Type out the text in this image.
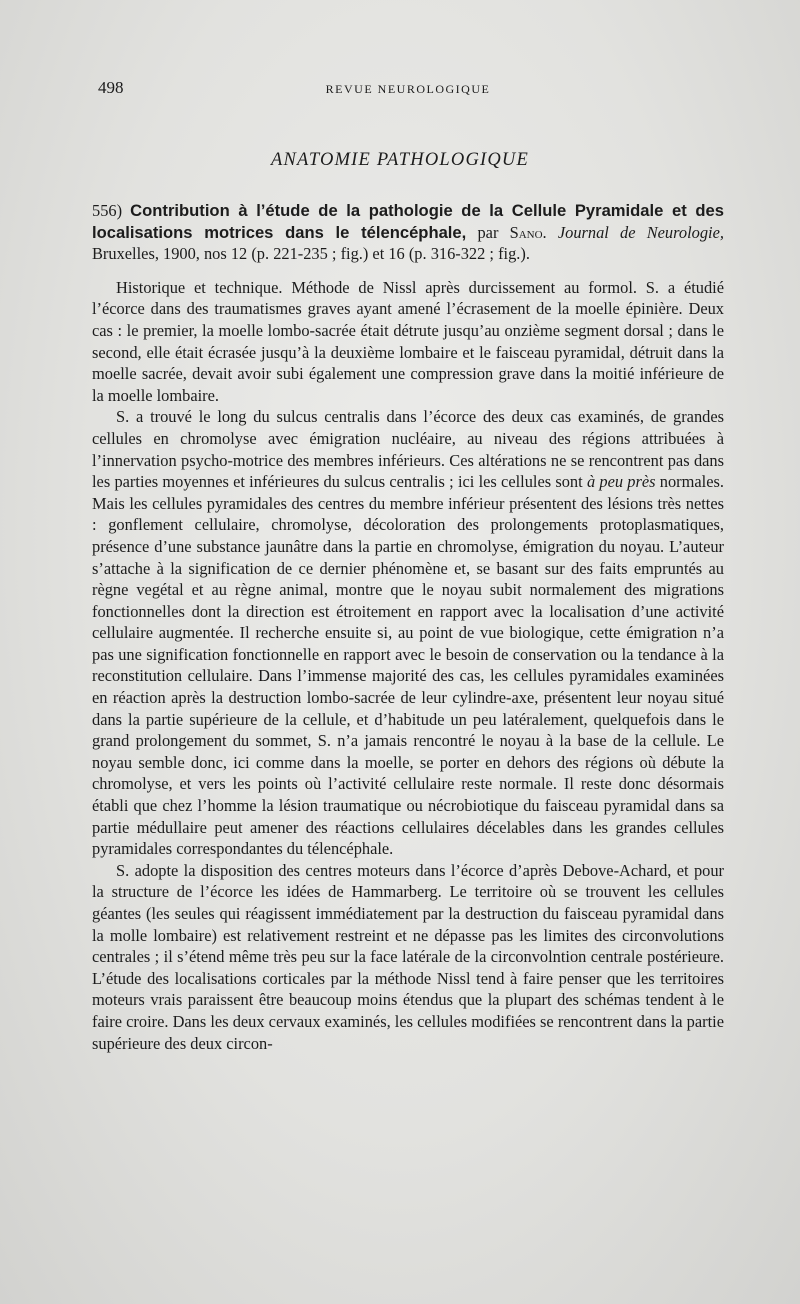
498	REVUE NEUROLOGIQUE
ANATOMIE PATHOLOGIQUE

556) Contribution à l’étude de la pathologie de la Cellule Pyramidale et des localisations motrices dans le télencéphale, par Sano. Journal de Neurologie, Bruxelles, 1900, nos 12 (p. 221-235 ; fig.) et 16 (p. 316-322 ; fig.).

Historique et technique. Méthode de Nissl après durcissement au formol. S. a étudié l’écorce dans des traumatismes graves ayant amené l’écrasement de la moelle épinière. Deux cas : le premier, la moelle lombo-sacrée était détrute jusqu’au onzième segment dorsal ; dans le second, elle était écrasée jusqu’à la deuxième lombaire et le faisceau pyramidal, détruit dans la moelle sacrée, devait avoir subi également une compression grave dans la moitié inférieure de la moelle lombaire.

S. a trouvé le long du sulcus centralis dans l’écorce des deux cas examinés, de grandes cellules en chromolyse avec émigration nucléaire, au niveau des régions attribuées à l’innervation psycho-motrice des membres inférieurs. Ces altérations ne se rencontrent pas dans les parties moyennes et inférieures du sulcus centralis ; ici les cellules sont à peu près normales. Mais les cellules pyramidales des centres du membre inférieur présentent des lésions très nettes : gonflement cellulaire, chromolyse, décoloration des prolongements protoplasmatiques, présence d’une substance jaunâtre dans la partie en chromolyse, émigration du noyau. L’auteur s’attache à la signification de ce dernier phénomène et, se basant sur des faits empruntés au règne vegétal et au règne animal, montre que le noyau subit normalement des migrations fonctionnelles dont la direction est étroitement en rapport avec la localisation d’une activité cellulaire augmentée. Il recherche ensuite si, au point de vue biologique, cette émigration n’a pas une signification fonctionnelle en rapport avec le besoin de conservation ou la tendance à la reconstitution cellulaire. Dans l’immense majorité des cas, les cellules pyramidales examinées en réaction après la destruction lombo-sacrée de leur cylindre-axe, présentent leur noyau situé dans la partie supérieure de la cellule, et d’habitude un peu latéralement, quelquefois dans le grand prolongement du sommet, S. n’a jamais rencontré le noyau à la base de la cellule. Le noyau semble donc, ici comme dans la moelle, se porter en dehors des régions où débute la chromolyse, et vers les points où l’activité cellulaire reste normale. Il reste donc désormais établi que chez l’homme la lésion traumatique ou nécrobiotique du faisceau pyramidal dans sa partie médullaire peut amener des réactions cellulaires décelables dans les grandes cellules pyramidales correspondantes du télencéphale.

S. adopte la disposition des centres moteurs dans l’écorce d’après Debove-Achard, et pour la structure de l’écorce les idées de Hammarberg. Le territoire où se trouvent les cellules géantes (les seules qui réagissent immédiatement par la destruction du faisceau pyramidal dans la molle lombaire) est relativement restreint et ne dépasse pas les limites des circonvolutions centrales ; il s’étend même très peu sur la face latérale de la circonvolntion centrale postérieure. L’étude des localisations corticales par la méthode Nissl tend à faire penser que les territoires moteurs vrais paraissent être beaucoup moins étendus que la plupart des schémas tendent à le faire croire. Dans les deux cervaux examinés, les cellules modifiées se rencontrent dans la partie supérieure des deux circon-
